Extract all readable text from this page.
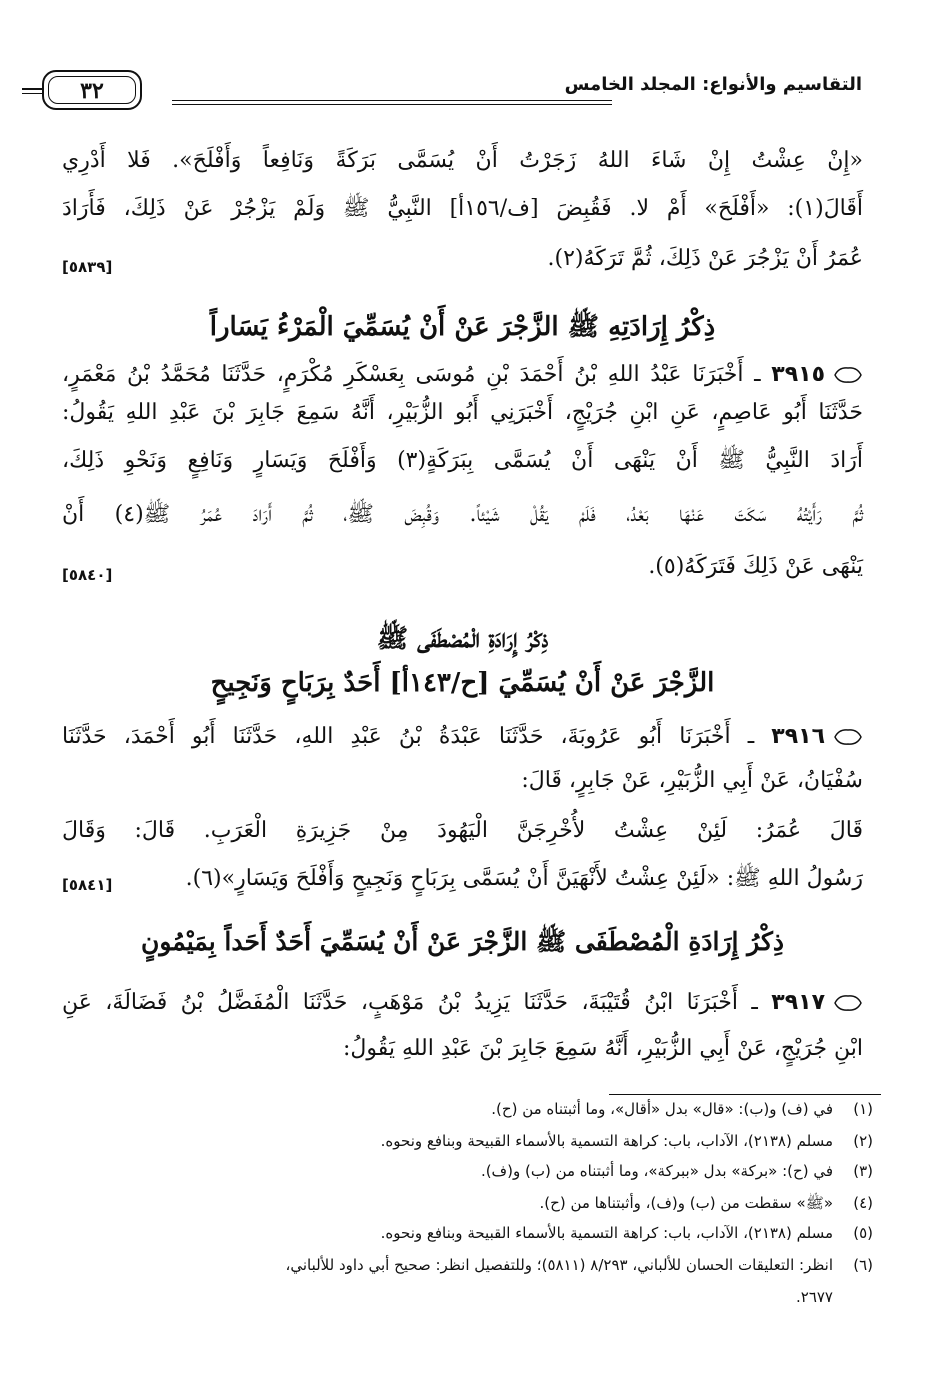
التقاسيم والأنواع: المجلد الخامس
٣٢
«إِنْ عِشْتُ إِنْ شَاءَ اللهُ زَجَرْتُ أَنْ يُسَمَّى بَرَكَةً وَنَافِعاً وَأَفْلَحَ». فَلا أَدْرِي
أَقَالَ(١): «أَفْلَحَ» أَمْ لا. فَقُبِضَ [ف/١٥٦أ] النَّبِيُّ ﷺ وَلَمْ يَزْجُرْ عَنْ ذَلِكَ، فَأَرَادَ
عُمَرُ أَنْ يَزْجُرَ عَنْ ذَلِكَ، ثُمَّ تَرَكَهُ(٢).
[٥٨٣٩]
ذِكْرُ إِرَادَتِهِ ﷺ الزَّجْرَ عَنْ أَنْ يُسَمِّيَ الْمَرْءُ يَسَاراً
٣٩١٥ ـ أَخْبَرَنَا عَبْدُ اللهِ بْنُ أَحْمَدَ بْنِ مُوسَى بِعَسْكَرِ مُكْرَمٍ، حَدَّثَنَا مُحَمَّدُ بْنُ مَعْمَرٍ،
حَدَّثَنَا أَبُو عَاصِمٍ، عَنِ ابْنِ جُرَيْجٍ، أَخْبَرَنِي أَبُو الزُّبَيْرِ، أَنَّهُ سَمِعَ جَابِرَ بْنَ عَبْدِ اللهِ يَقُولُ:
أَرَادَ النَّبِيُّ ﷺ أَنْ يَنْهَى أَنْ يُسَمَّى بِبَرَكَةٍ(٣) وَأَفْلَحَ وَيَسَارٍ وَنَافِعٍ وَنَحْوِ ذَلِكَ،
ثُمَّ رَأَيْتُهُ سَكَتَ عَنْهَا بَعْدُ، فَلَمْ يَقُلْ شَيْئاً. وَقُبِضَ ﷺ، ثُمَّ أَرَادَ عُمَرُ ﷺ(٤) أَنْ
يَنْهَى عَنْ ذَلِكَ فَتَرَكَهُ(٥).
[٥٨٤٠]
ذِكْرُ إِرَادَةِ الْمُصْطَفَى ﷺ
الزَّجْرَ عَنْ أَنْ يُسَمِّيَ [ح/١٤٣أ] أَحَدٌ بِرَبَاحٍ وَنَجِيحٍ
٣٩١٦ ـ أَخْبَرَنَا أَبُو عَرُوبَةَ، حَدَّثَنَا عَبْدَةُ بْنُ عَبْدِ اللهِ، حَدَّثَنَا أَبُو أَحْمَدَ، حَدَّثَنَا
سُفْيَانُ، عَنْ أَبِي الزُّبَيْرِ، عَنْ جَابِرٍ، قَالَ:
قَالَ عُمَرُ: لَئِنْ عِشْتُ لأُخْرِجَنَّ الْيَهُودَ مِنْ جَزِيرَةِ الْعَرَبِ. قَالَ: وَقَالَ
رَسُولُ اللهِ ﷺ: «لَئِنْ عِشْتُ لأَنْهَيَنَّ أَنْ يُسَمَّى بِرَبَاحٍ وَنَجِيحٍ وَأَفْلَحَ وَيَسَارٍ»(٦).
[٥٨٤١]
ذِكْرُ إِرَادَةِ الْمُصْطَفَى ﷺ الزَّجْرَ عَنْ أَنْ يُسَمِّيَ أَحَدٌ أَحَداً بِمَيْمُونٍ
٣٩١٧ ـ أَخْبَرَنَا ابْنُ قُتَيْبَةَ، حَدَّثَنَا يَزِيدُ بْنُ مَوْهَبٍ، حَدَّثَنَا الْمُفَضَّلُ بْنُ فَضَالَةَ، عَنِ
ابْنِ جُرَيْجٍ، عَنْ أَبِي الزُّبَيْرِ، أَنَّهُ سَمِعَ جَابِرَ بْنَ عَبْدِ اللهِ يَقُولُ:
(١)في (ف) و(ب): «قال» بدل «أقال»، وما أثبتناه من (ح).
(٢)مسلم (٢١٣٨)، الآداب، باب: كراهة التسمية بالأسماء القبيحة وبنافع ونحوه.
(٣)في (ح): «بركة» بدل «ببركة»، وما أثبتناه من (ب) و(ف).
(٤)«ﷺ» سقطت من (ب) و(ف)، وأثبتناها من (ح).
(٥)مسلم (٢١٣٨)، الآداب، باب: كراهة التسمية بالأسماء القبيحة وبنافع ونحوه.
(٦)انظر: التعليقات الحسان للألباني، ٨/٢٩٣ (٥٨١١)؛ وللتفصيل انظر: صحيح أبي داود للألباني،
٢٦٧٧.
